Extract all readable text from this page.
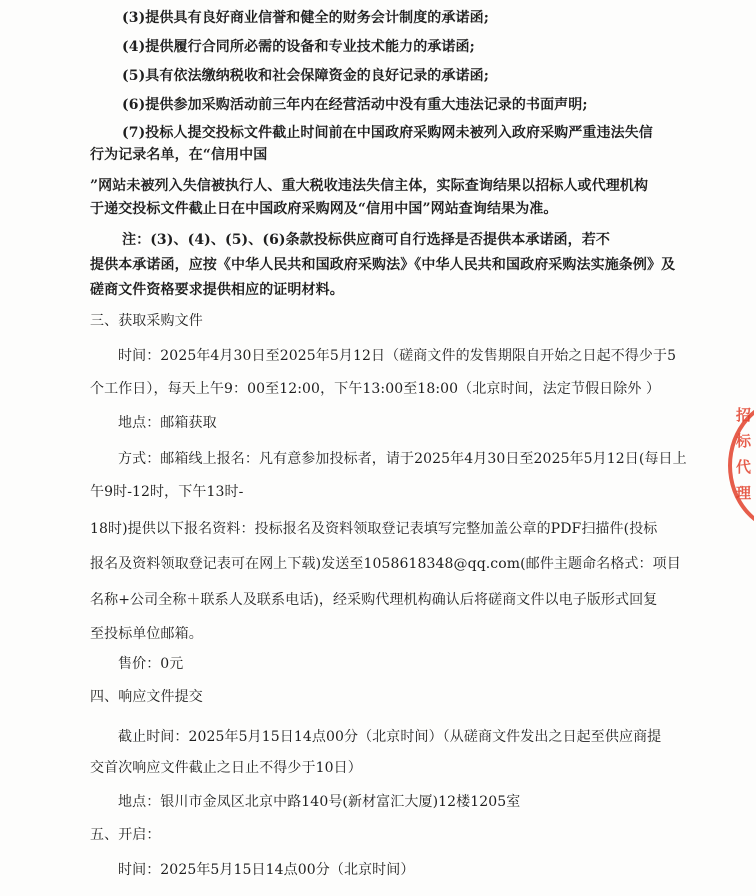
(3)提供具有良好商业信誉和健全的财务会计制度的承诺函;
(4)提供履行合同所必需的设备和专业技术能力的承诺函;
(5)具有依法缴纳税收和社会保障资金的良好记录的承诺函;
(6)提供参加采购活动前三年内在经营活动中没有重大违法记录的书面声明;
(7)投标人提交投标文件截止时间前在中国政府采购网未被列入政府采购严重违法失信
行为记录名单，在“信用中国
”网站未被列入失信被执行人、重大税收违法失信主体，实际查询结果以招标人或代理机构
于递交投标文件截止日在中国政府采购网及“信用中国”网站查询结果为准。
注：(3)、(4)、(5)、(6)条款投标供应商可自行选择是否提供本承诺函，若不
提供本承诺函，应按《中华人民共和国政府采购法》《中华人民共和国政府采购法实施条例》及
磋商文件资格要求提供相应的证明材料。
三、获取采购文件
时间：2025年4月30日至2025年5月12日（磋商文件的发售期限自开始之日起不得少于5
个工作日），每天上午9：00至12:00，下午13:00至18:00（北京时间，法定节假日除外 ）
地点：邮箱获取
方式：邮箱线上报名：凡有意参加投标者，请于2025年4月30日至2025年5月12日(每日上
午9时-12时，下午13时-
18时)提供以下报名资料：投标报名及资料领取登记表填写完整加盖公章的PDF扫描件(投标
报名及资料领取登记表可在网上下载)发送至1058618348@qq.com(邮件主题命名格式：项目
名称+公司全称＋联系人及联系电话)，经采购代理机构确认后将磋商文件以电子版形式回复
至投标单位邮箱。
售价：0元
四、响应文件提交
截止时间：2025年5月15日14点00分（北京时间）（从磋商文件发出之日起至供应商提
交首次响应文件截止之日止不得少于10日）
地点：银川市金凤区北京中路140号(新材富汇大厦)12楼1205室
五、开启：
时间：2025年5月15日14点00分（北京时间）
招标代理
